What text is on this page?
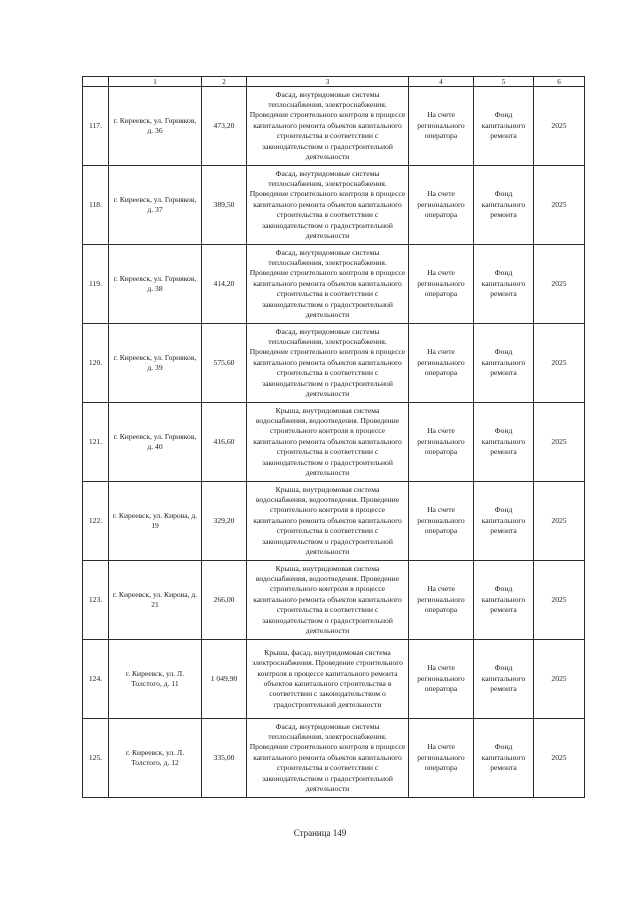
	1	2	3	4	5	6
117.	г. Киреевск, ул. Горняков, д. 36	473,20	Фасад, внутридомовые системы теплоснабжения, электроснабжения. Проведение строительного контроля в процессе капитального ремонта объектов капитального строительства в соответствии с законодательством о градостроительной деятельности	На счете регионального оператора	Фонд капитального ремонта	2025
118.	г. Киреевск, ул. Горняков, д. 37	389,50	Фасад, внутридомовые системы теплоснабжения, электроснабжения. Проведение строительного контроля в процессе капитального ремонта объектов капитального строительства в соответствии с законодательством о градостроительной деятельности	На счете регионального оператора	Фонд капитального ремонта	2025
119.	г. Киреевск, ул. Горняков, д. 38	414,20	Фасад, внутридомовые системы теплоснабжения, электроснабжения. Проведение строительного контроля в процессе капитального ремонта объектов капитального строительства в соответствии с законодательством о градостроительной деятельности	На счете регионального оператора	Фонд капитального ремонта	2025
120.	г. Киреевск, ул. Горняков, д. 39	575,60	Фасад, внутридомовые системы теплоснабжения, электроснабжения. Проведение строительного контроля в процессе капитального ремонта объектов капитального строительства в соответствии с законодательством о градостроительной деятельности	На счете регионального оператора	Фонд капитального ремонта	2025
121.	г. Киреевск, ул. Горняков, д. 40	416,60	Крыша, внутридомовая система водоснабжения, водоотведения. Проведение строительного контроля в процессе капитального ремонта объектов капитального строительства в соответствии с законодательством о градостроительной деятельности	На счете регионального оператора	Фонд капитального ремонта	2025
122.	г. Киреевск, ул. Кирова, д. 19	329,20	Крыша, внутридомовая система водоснабжения, водоотведения. Проведение строительного контроля в процессе капитального ремонта объектов капитального строительства в соответствии с законодательством о градостроительной деятельности	На счете регионального оператора	Фонд капитального ремонта	2025
123.	г. Киреевск, ул. Кирова, д. 21	266,00	Крыша, внутридомовая система водоснабжения, водоотведения. Проведение строительного контроля в процессе капитального ремонта объектов капитального строительства в соответствии с законодательством о градостроительной деятельности	На счете регионального оператора	Фонд капитального ремонта	2025
124.	г. Киреевск, ул. Л. Толстого, д. 11	1 049,90	Крыша, фасад, внутридомовая система электроснабжения. Проведение строительного контроля в процессе капитального ремонта объектов капитального строительства в соответствии с законодательством о градостроительной деятельности	На счете регионального оператора	Фонд капитального ремонта	2025
125.	г. Киреевск, ул. Л. Толстого, д. 12	335,00	Фасад, внутридомовые системы теплоснабжения, электроснабжения. Проведение строительного контроля в процессе капитального ремонта объектов капитального строительства в соответствии с законодательством о градостроительной деятельности	На счете регионального оператора	Фонд капитального ремонта	2025
Страница 149
